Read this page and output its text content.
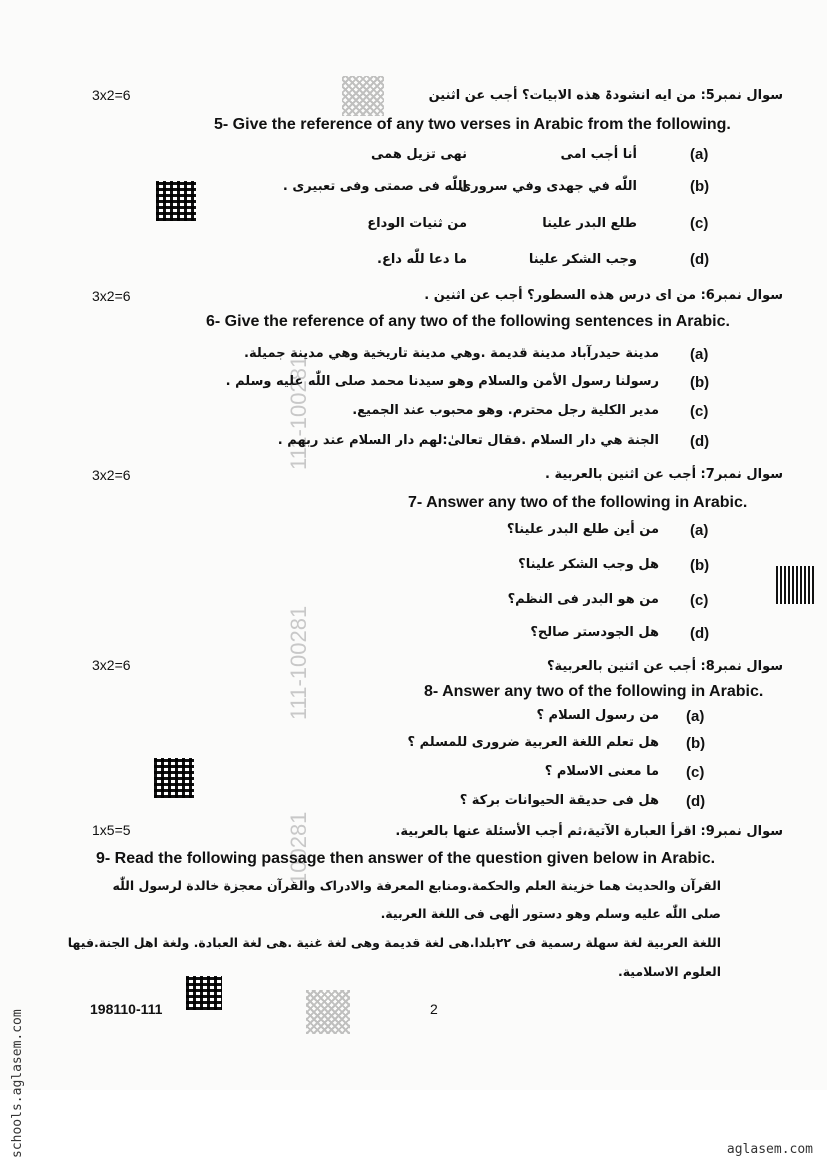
111-100281
111-100281
100281
3x2=6	سوال نمبر5: من ایه انشودۃ هذه الابيات؟ أجب عن اثنين
5- Give the reference of any two verses in Arabic from the following.
(a)
أنا أجب امی
نهی تزیل همی
(b)
اللّٰه في جهدی وفي سرورى
اللّٰه فی صمتى وفی تعبیری .
(c)
طلع البدر علینا
من ثنيات الوداع
(d)
وجب الشكر علينا
ما دعا للّٰه داع.
3x2=6	سوال نمبر6: من ای درس هذه السطور؟ أجب عن اثنين .
6- Give the reference of any two of the following sentences in Arabic.
(a)
مدينة حيدرآباد مدينة قديمة .وهي مدينة تاريخية وهي مدينة جميلة.
(b)
رسولنا رسول الأمن والسلام وهو سيدنا محمد صلى اللّٰه عليه وسلم .
(c)
مدير الكلية رجل محترم. وهو محبوب عند الجميع.
(d)
الجنة هي دار السلام .فقال تعالیٰ:لهم دار السلام عند ربهم .
3x2=6	سوال نمبر7: أجب عن اثنين بالعربية .
7- Answer any two of the following in Arabic.
(a)
من أين طلع البدر علينا؟
(b)
هل وجب الشكر علينا؟
(c)
من هو البدر فی النظم؟
(d)
هل الجودستر صالح؟
3x2=6	سوال نمبر8: أجب عن اثنين بالعربية؟
8- Answer any two of the following in Arabic.
(a)
من رسول السلام ؟
(b)
هل تعلم اللغة العربية ضرورى للمسلم ؟
(c)
ما معنى الاسلام ؟
(d)
هل فی حديقة الحيوانات بركة ؟
1x5=5	سوال نمبر9: اقرأ العبارة الآتية،ثم أجب الأسئلة عنها بالعربية.
9- Read the following passage then answer of the question given below in Arabic.
القرآن والحديث هما خزينة العلم والحكمة.ومنابع المعرفة والادراک والقرآن معجزة خالدة لرسول اللّٰه
صلی اللّٰه علیه وسلم وهو دستور الٰهی فی اللغة العربیة.
اللغة العربية لغة سهلة رسمية فی ۲۲بلدا.هی لغة قديمة وهی لغة غنية .هی لغة العبادة. ولغة اهل الجنة.فيها
العلوم الاسلامية.
198110-111	2
schools.aglasem.com	aglasem.com
